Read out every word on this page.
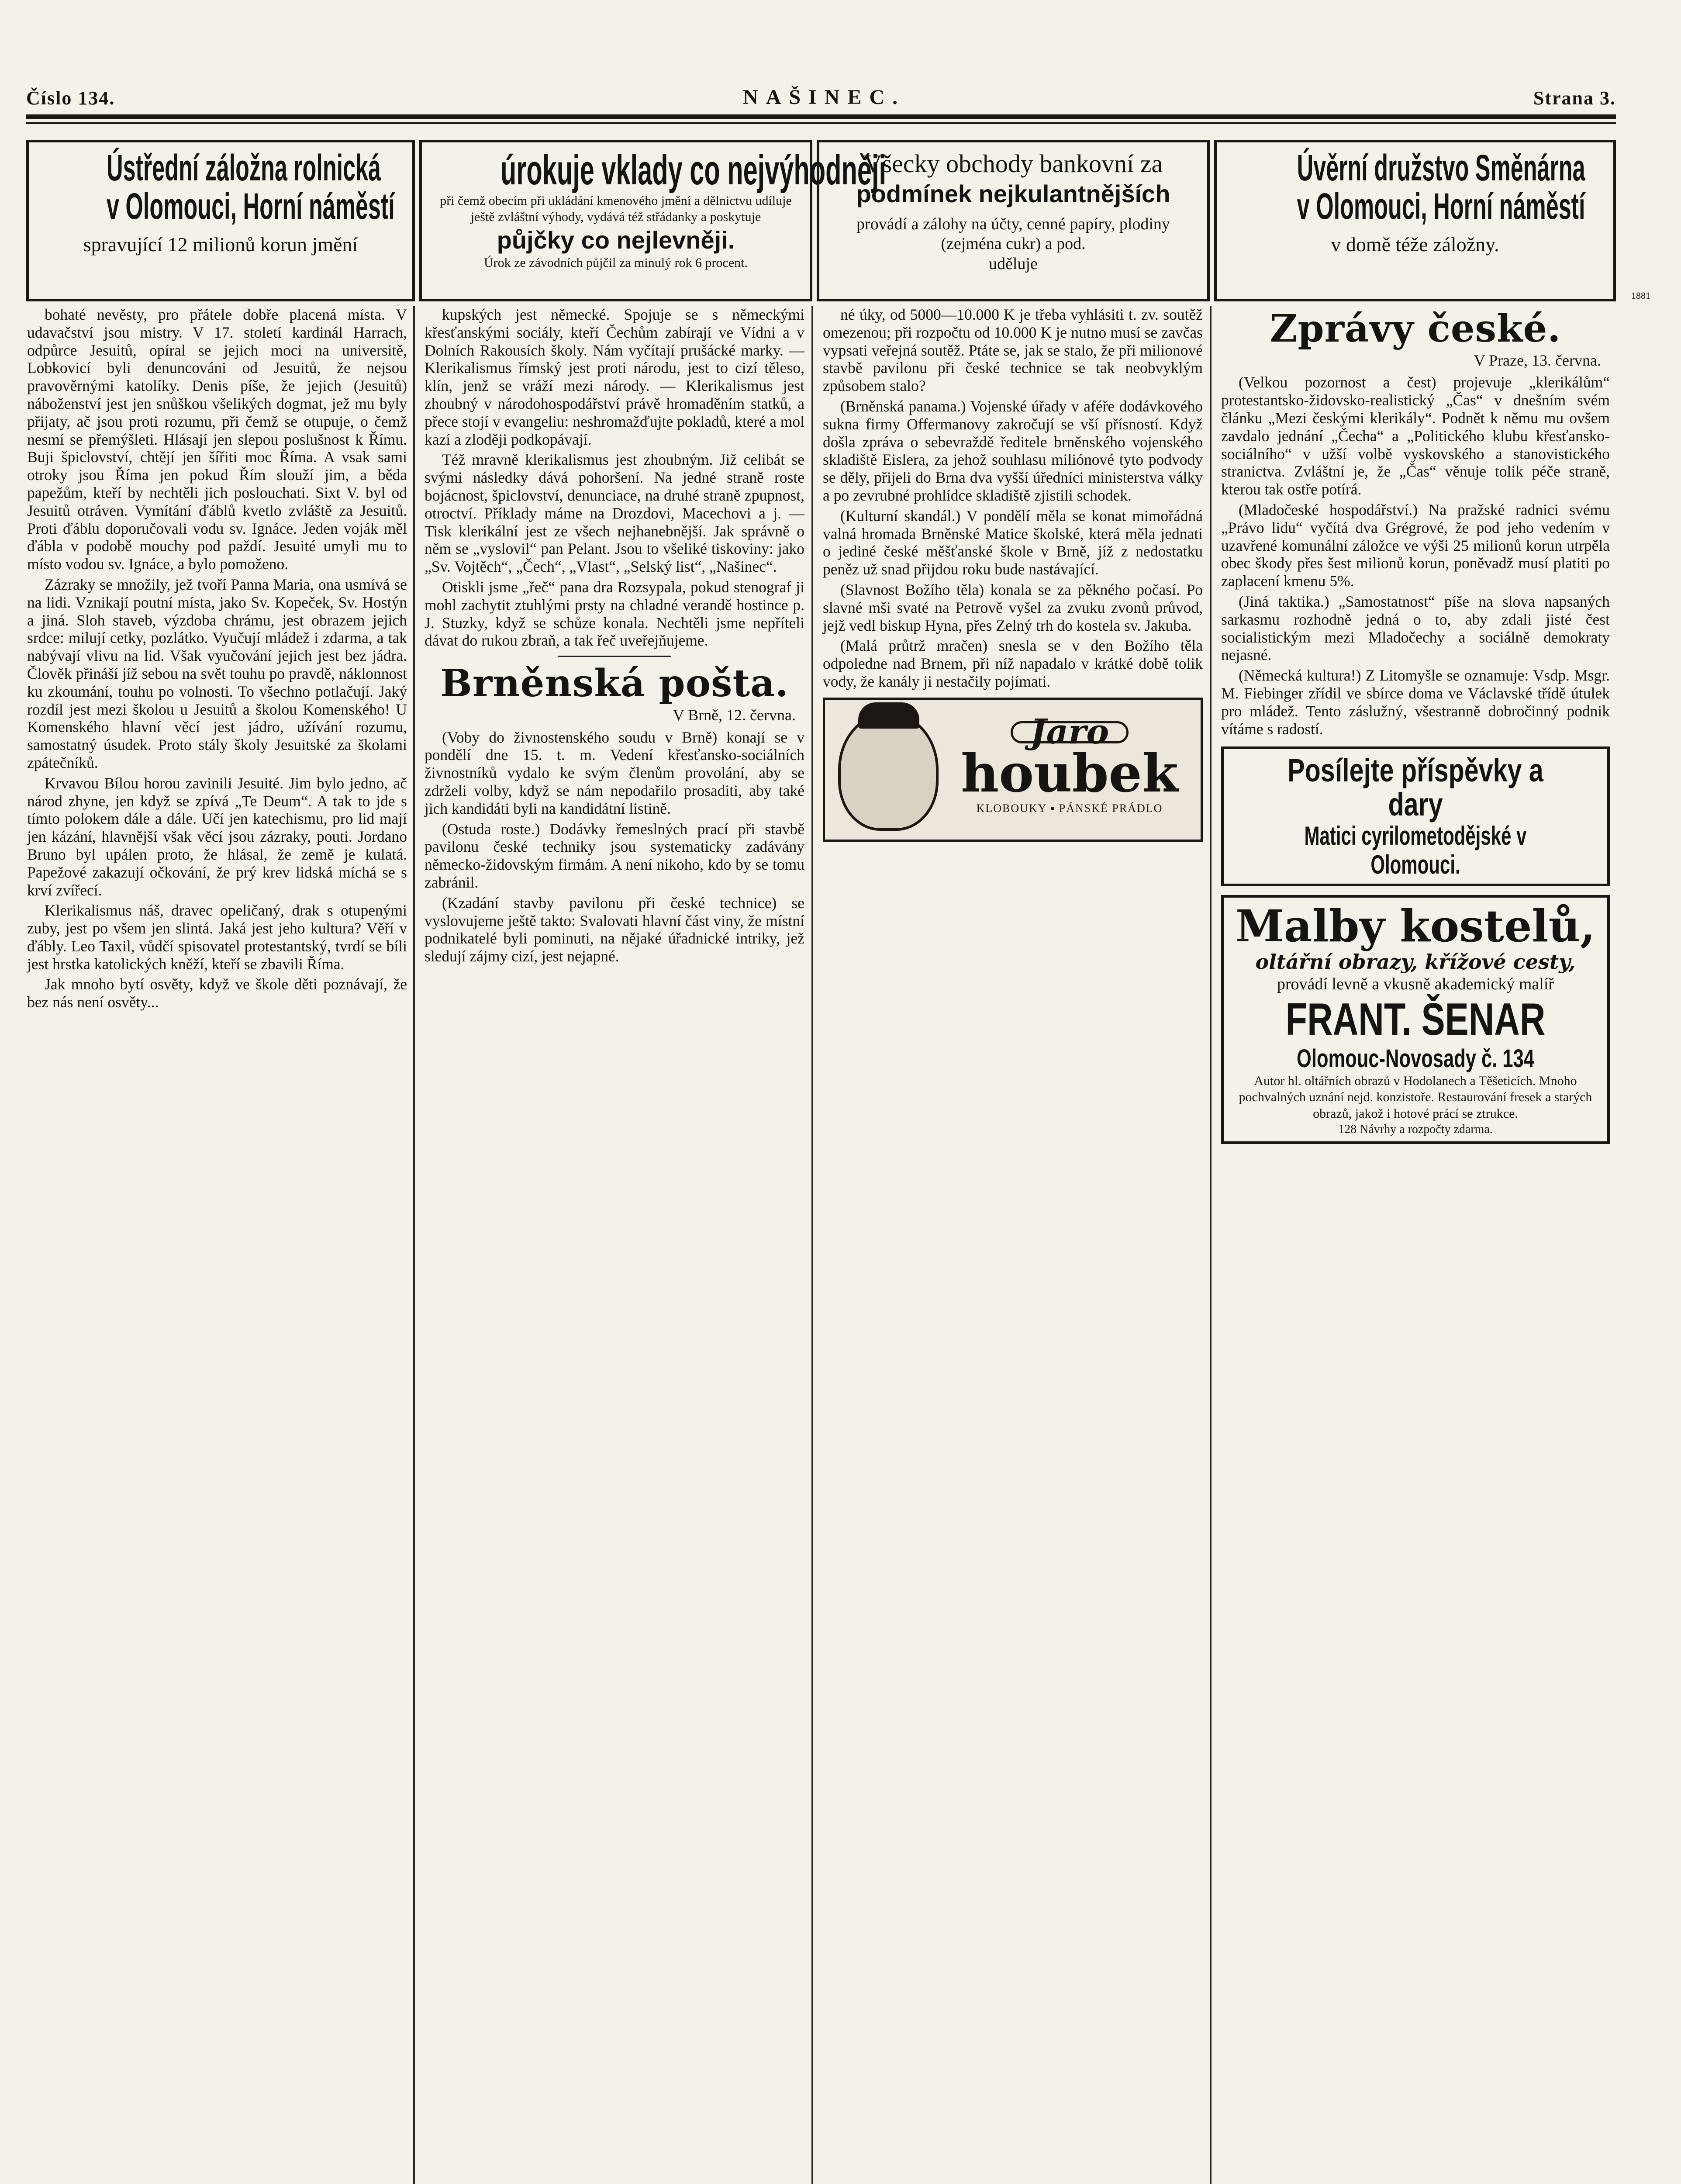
Číslo 134.	NAŠINEC.	Strana 3.
Ústřední záložna rolnická
v Olomouci, Horní náměstí
spravující 12 milionů korun jmění
úrokuje vklady co nejvýhodněji
při čemž obecím při ukládání kmenového jmění a dělnictvu udíluje ještě zvláštní výhody, vydává též střádanky a poskytuje
půjčky co nejlevněji.
Úrok ze závodních půjčil za minulý rok 6 procent.
Všecky obchody bankovní za
podmínek nejkulantnějších
provádí a zálohy na účty, cenné papíry, plodiny (zejména cukr) a pod.
uděluje
Úvěrní družstvo Směnárna
v Olomouci, Horní náměstí
v domě téže záložny.
1881

bohaté nevěsty, pro přátele dobře placená místa. V udavačství jsou mistry. V 17. století kardinál Harrach, odpůrce Jesuitů, opíral se jejich moci na universitě, Lobkovicí byli denuncováni od Jesuitů, že nejsou pravověrnými katolíky. Denis píše, že jejich (Jesuitů) náboženství jest jen snůškou všelikých dogmat, jež mu byly přijaty, ač jsou proti rozumu, při čemž se otupuje, o čemž nesmí se přemýšleti. Hlásají jen slepou poslušnost k Římu. Buji špiclovství, chtějí jen šířiti moc Říma. A vsak sami otroky jsou Říma jen pokud Řím slouží jim, a běda papežům, kteří by nechtěli jich poslouchati. Sixt V. byl od Jesuitů otráven. Vymítání ďáblů kvetlo zvláště za Jesuitů. Proti ďáblu doporučovali vodu sv. Ignáce. Jeden voják měl ďábla v podobě mouchy pod paždí. Jesuité umyli mu to místo vodou sv. Ignáce, a bylo pomoženo.

Zázraky se množily, jež tvoří Panna Maria, ona usmívá se na lidi. Vznikají poutní místa, jako Sv. Kopeček, Sv. Hostýn a jiná. Sloh staveb, výzdoba chrámu, jest obrazem jejich srdce: milují cetky, pozlátko. Vyučují mládež i zdarma, a tak nabývají vlivu na lid. Však vyučování jejich jest bez jádra. Člověk přináší jíž sebou na svět touhu po pravdě, náklonnost ku zkoumání, touhu po volnosti. To všechno potlačují. Jaký rozdíl jest mezi školou u Jesuitů a školou Komenského! U Komenského hlavní věcí jest jádro, užívání rozumu, samostatný úsudek. Proto stály školy Jesuitské za školami zpátečníků.

Krvavou Bílou horou zavinili Jesuité. Jim bylo jedno, ač národ zhyne, jen když se zpívá „Te Deum“. A tak to jde s tímto polokem dále a dále. Učí jen katechismu, pro lid mají jen kázání, hlavnější však věcí jsou zázraky, pouti. Jordano Bruno byl upálen proto, že hlásal, že země je kulatá. Papežové zakazují očkování, že prý krev lidská míchá se s krví zvířecí.

Klerikalismus náš, dravec opeličaný, drak s otupenými zuby, jest po všem jen slintá. Jaká jest jeho kultura? Věří v ďábly. Leo Taxil, vůdčí spisovatel protestantský, tvrdí se bíli jest hrstka katolických kněží, kteří se zbavili Říma.

Jak mnoho bytí osvěty, když ve škole děti poznávají, že bez nás není osvěty...

kupských jest německé. Spojuje se s německými křesťanskými sociály, kteří Čechům zabírají ve Vídni a v Dolních Rakousích školy. Nám vyčítají prušácké marky. — Klerikalismus římský jest proti národu, jest to cizí těleso, klín, jenž se vráží mezi národy. — Klerikalismus jest zhoubný v národohospodářství právě hromaděním statků, a přece stojí v evangeliu: neshromažďujte pokladů, které a mol kazí a zloději podkopávají.

Též mravně klerikalismus jest zhoubným. Již celibát se svými následky dává pohoršení. Na jedné straně roste bojácnost, špiclovství, denunciace, na druhé straně zpupnost, otroctví. Příklady máme na Drozdovi, Macechovi a j. — Tisk klerikální jest ze všech nejhanebnější. Jak správně o něm se „vyslovil“ pan Pelant. Jsou to všeliké tiskoviny: jako „Sv. Vojtěch“, „Čech“, „Vlast“, „Selský list“, „Našinec“.

Otiskli jsme „řeč“ pana dra Rozsypala, pokud stenograf ji mohl zachytit ztuhlými prsty na chladné verandě hostince p. J. Stuzky, když se schůze konala. Nechtěli jsme nepříteli dávat do rukou zbraň, a tak řeč uveřejňujeme.

Brněnská pošta.
V Brně, 12. června.

(Voby do živnostenského soudu v Brně) konají se v pondělí dne 15. t. m. Vedení křesťansko-sociálních živnostníků vydalo ke svým členům provolání, aby se zdrželi volby, když se nám nepodařilo prosaditi, aby také jich kandidáti byli na kandidátní listině.

(Ostuda roste.) Dodávky řemeslných prací při stavbě pavilonu české techniky jsou systematicky zadávány německo-židovským firmám. A není nikoho, kdo by se tomu zabránil.

(Kzadání stavby pavilonu při české technice) se vyslovujeme ještě takto: Svalovati hlavní část viny, že místní podnikatelé byli pominuti, na nějaké úřadnické intriky, jež sledují zájmy cizí, jest nejapné.

né úky, od 5000—10.000 K je třeba vyhlásiti t. zv. soutěž omezenou; při rozpočtu od 10.000 K je nutno musí se zavčas vypsati veřejná soutěž. Ptáte se, jak se stalo, že při milionové stavbě pavilonu při české technice se tak neobvyklým způsobem stalo?

(Brněnská panama.) Vojenské úřady v aféře dodávkového sukna firmy Offermanovy zakročují se vší přísností. Když došla zpráva o sebevraždě ředitele brněnského vojenského skladiště Eislera, za jehož souhlasu miliónové tyto podvody se děly, přijeli do Brna dva vyšší úředníci ministerstva války a po zevrubné prohlídce skladiště zjistili schodek.

(Kulturní skandál.) V pondělí měla se konat mimořádná valná hromada Brněnské Matice školské, která měla jednati o jediné české měšťanské škole v Brně, jíž z nedostatku peněz už snad přijdou roku bude nastávající.

(Slavnost Božího těla) konala se za pěkného počasí. Po slavné mši svaté na Petrově vyšel za zvuku zvonů průvod, jejž vedl biskup Hyna, přes Zelný trh do kostela sv. Jakuba.

(Malá průtrž mračen) snesla se v den Božího těla odpoledne nad Brnem, při níž napadalo v krátké době tolik vody, že kanály ji nestačily pojímati.

Jaro
houbek
KLOBOUKY ▪ PÁNSKÉ PRÁDLO
Zprávy české.
V Praze, 13. června.

(Velkou pozornost a čest) projevuje „klerikálům“ protestantsko-židovsko-realistický „Čas“ v dnešním svém článku „Mezi českými klerikály“. Podnět k němu mu ovšem zavdalo jednání „Čecha“ a „Politického klubu křesťansko-sociálního“ v užší volbě vyskovského a stanovistického stranictva. Zvláštní je, že „Čas“ věnuje tolik péče straně, kterou tak ostře potírá.

(Mladočeské hospodářství.) Na pražské radnici svému „Právo lidu“ vyčítá dva Grégrové, že pod jeho vedením v uzavřené komunální záložce ve výši 25 milionů korun utrpěla obec škody přes šest milionů korun, poněvadž musí platiti po zaplacení kmenu 5%.

(Jiná taktika.) „Samostatnost“ píše na slova napsaných sarkasmu rozhodně jedná o to, aby zdali jisté čest socialistickým mezi Mladočechy a sociálně demokraty nejasné.

(Německá kultura!) Z Litomyšle se oznamuje: Vsdp. Msgr. M. Fiebinger zřídil ve sbírce doma ve Václavské třídě útulek pro mládež. Tento záslužný, všestranně dobročinný podnik vítáme s radostí.

Posílejte příspěvky a dary
Matici cyrilometodějské v Olomouci.
Malby kostelů,
oltářní obrazy, křížové cesty,
provádí levně a vkusně akademický malíř
FRANT. ŠENAR
Olomouc-Novosady č. 134
Autor hl. oltářních obrazů v Hodolanech a Těšeticích. Mnoho pochvalných uznání nejd. konzistoře. Restaurování fresek a starých obrazů, jakož i hotové prácí se ztrukce.
128 Návrhy a rozpočty zdarma.
